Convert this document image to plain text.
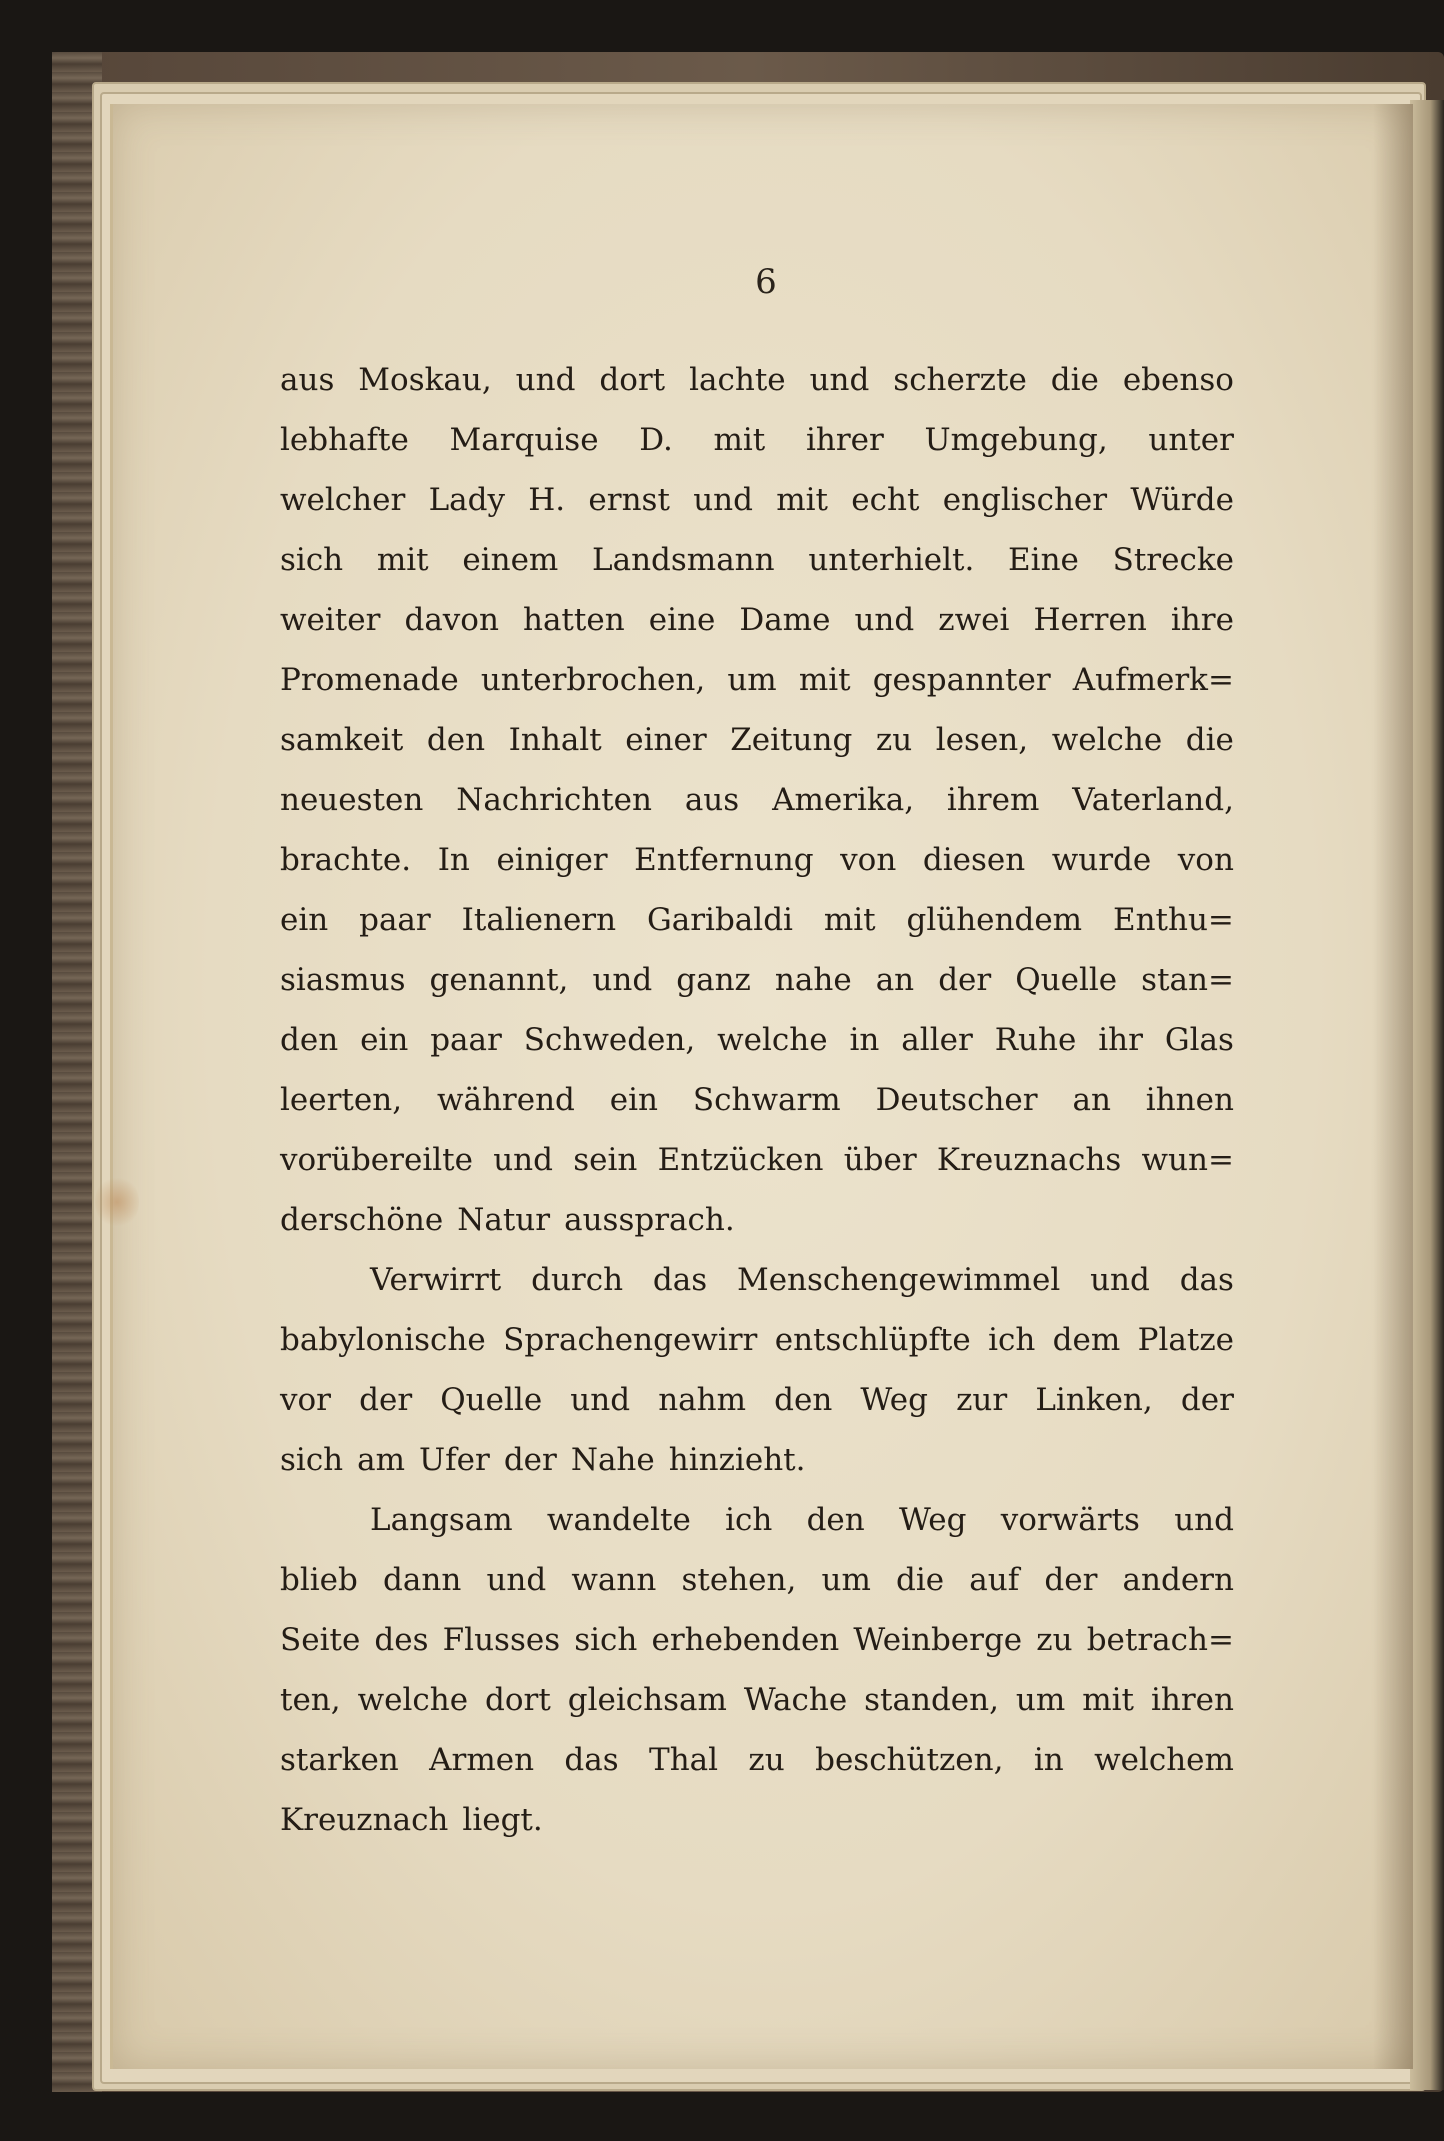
6
aus Moskau, und dort lachte und scherzte die ebenso
lebhafte Marquise D. mit ihrer Umgebung, unter
welcher Lady H. ernst und mit echt englischer Würde
sich mit einem Landsmann unterhielt. Eine Strecke
weiter davon hatten eine Dame und zwei Herren ihre
Promenade unterbrochen, um mit gespannter Aufmerk=
samkeit den Inhalt einer Zeitung zu lesen, welche die
neuesten Nachrichten aus Amerika, ihrem Vaterland,
brachte. In einiger Entfernung von diesen wurde von
ein paar Italienern Garibaldi mit glühendem Enthu=
siasmus genannt, und ganz nahe an der Quelle stan=
den ein paar Schweden, welche in aller Ruhe ihr Glas
leerten, während ein Schwarm Deutscher an ihnen
vorübereilte und sein Entzücken über Kreuznachs wun=
derschöne Natur aussprach.
Verwirrt durch das Menschengewimmel und das
babylonische Sprachengewirr entschlüpfte ich dem Platze
vor der Quelle und nahm den Weg zur Linken, der
sich am Ufer der Nahe hinzieht.
Langsam wandelte ich den Weg vorwärts und
blieb dann und wann stehen, um die auf der andern
Seite des Flusses sich erhebenden Weinberge zu betrach=
ten, welche dort gleichsam Wache standen, um mit ihren
starken Armen das Thal zu beschützen, in welchem
Kreuznach liegt.
